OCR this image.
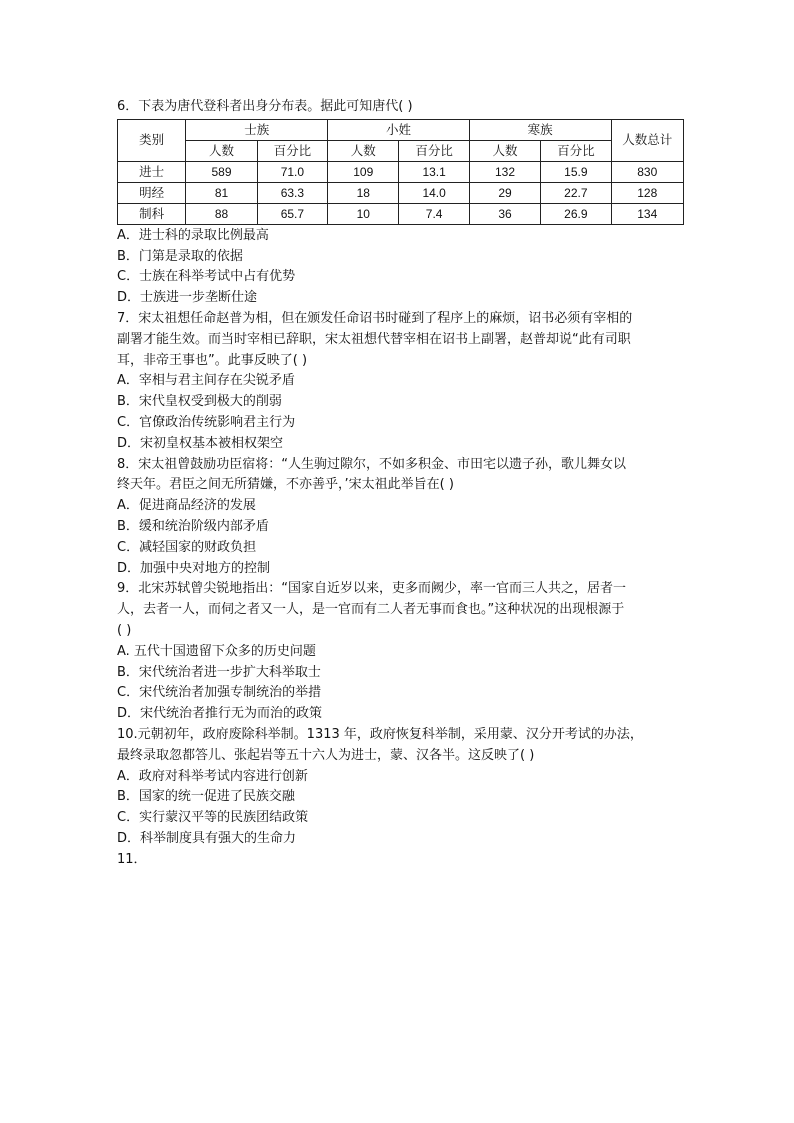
6．下表为唐代登科者出身分布表。据此可知唐代( )

类别	士族		小姓		寒族		人数总计
	人数	百分比	人数	百分比	人数	百分比	
进士	589	71.0	109	13.1	132	15.9	830
明经	81	63.3	18	14.0	29	22.7	128
制科	88	65.7	10	7.4	36	26.9	134

A．进士科的录取比例最高

B．门第是录取的依据

C．士族在科举考试中占有优势

D．士族进一步垄断仕途

7．宋太祖想任命赵普为相，但在颁发任命诏书时碰到了程序上的麻烦，诏书必须有宰相的
副署才能生效。而当时宰相已辞职，宋太祖想代替宰相在诏书上副署，赵普却说“此有司职
耳，非帝王事也”。此事反映了( )

A．宰相与君主间存在尖锐矛盾

B．宋代皇权受到极大的削弱

C．官僚政治传统影响君主行为

D．宋初皇权基本被相权架空

8．宋太祖曾鼓励功臣宿将：“人生驹过隙尔，不如多积金、市田宅以遗子孙，歌儿舞女以
终天年。君臣之间无所猜嫌，不亦善乎，’宋太祖此举旨在( )

A．促进商品经济的发展

B．缓和统治阶级内部矛盾

C．减轻国家的财政负担

D．加强中央对地方的控制

9．北宋苏轼曾尖锐地指出：“国家自近岁以来，吏多而阙少，率一官而三人共之，居者一
人，去者一人，而伺之者又一人，是一官而有二人者无事而食也。”这种状况的出现根源于
( )

A. 五代十国遗留下众多的历史问题

B．宋代统治者进一步扩大科举取士

C．宋代统治者加强专制统治的举措

D．宋代统治者推行无为而治的政策

10.元朝初年，政府废除科举制。1313 年，政府恢复科举制，采用蒙、汉分开考试的办法，
最终录取忽都答儿、张起岩等五十六人为进士，蒙、汉各半。这反映了( )

A．政府对科举考试内容进行创新

B．国家的统一促进了民族交融

C．实行蒙汉平等的民族团结政策

D．科举制度具有强大的生命力

11．
